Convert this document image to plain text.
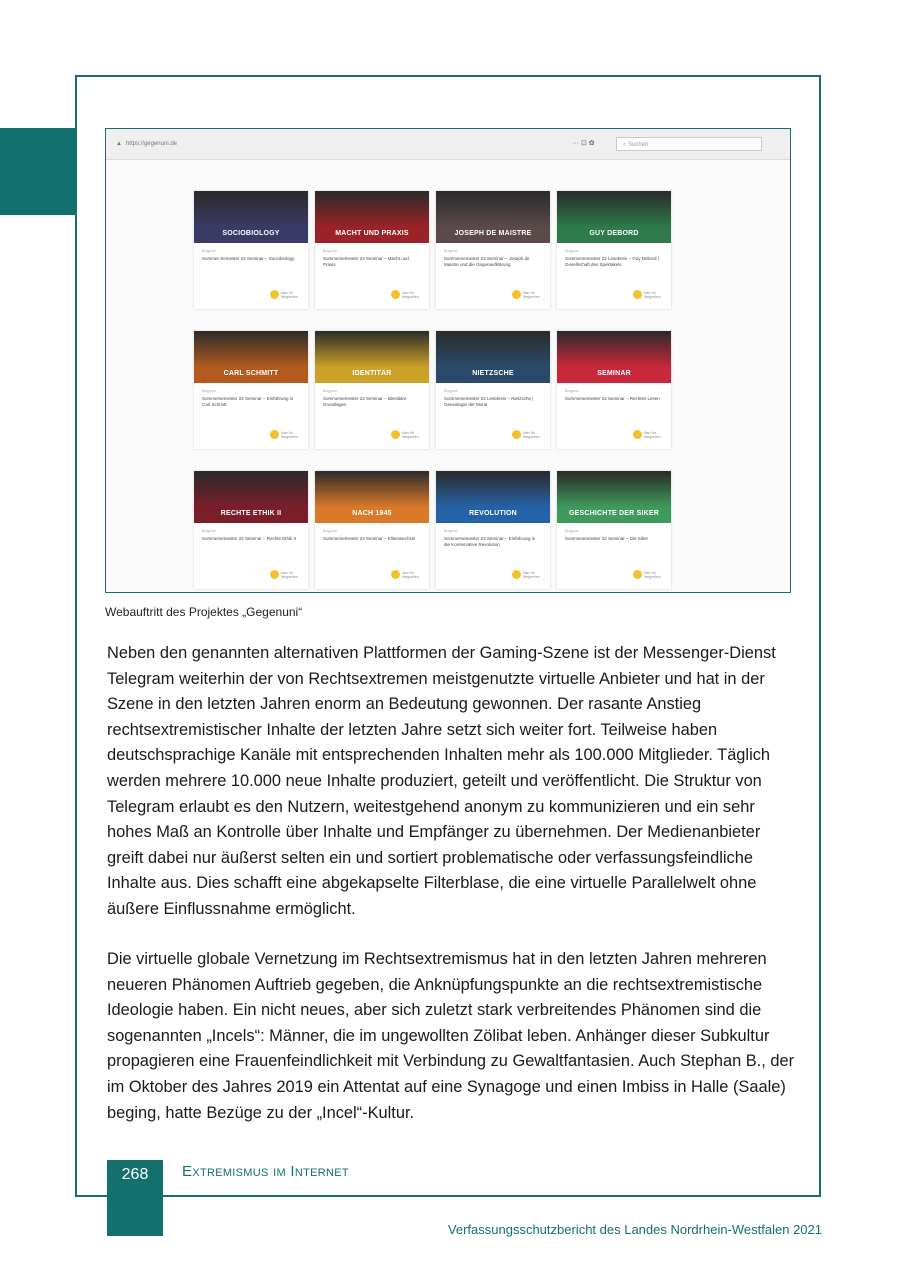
▲ https://gegenuni.de	··· ⊡ ✿	⌕ Suchen
SOCIOBIOLOGY
Blogpost
Summer Semester 22 Seminar – Sociobiology
Narr für Wegsehen
MACHT UND PRAXIS
Blogpost
Sommersemester 22 Seminar – Macht und Praxis
Narr für Wegsehen
JOSEPH DE MAISTRE
Blogpost
Sommersemester 22 Seminar – Joseph de Maistre und die Gegenaufklärung
Narr für Wegsehen
GUY DEBORD
Blogpost
Sommersemester 22 Lesekreis – Guy Debord | Gesellschaft des Spektakels
Narr für Wegsehen
CARL SCHMITT
Blogpost
Sommersemester 22 Seminar – Einführung in Carl Schmitt
Narr für Wegsehen
IDENTITÄR
Blogpost
Sommersemester 22 Seminar – Identitäre Grundlagen
Narr für Wegsehen
NIETZSCHE
Blogpost
Sommersemester 22 Lesekreis – Nietzsche | Genealogie der Moral
Narr für Wegsehen
SEMINAR
Blogpost
Sommersemester 22 Seminar – Rechtes Lesen
Narr für Wegsehen
RECHTE ETHIK II
Blogpost
Sommersemester 22 Seminar – Rechte Ethik II
Narr für Wegsehen
NACH 1945
Blogpost
Sommersemester 22 Seminar – Elitenwechsel
Narr für Wegsehen
REVOLUTION
Blogpost
Sommersemester 22 Seminar – Einführung in die Konservative Revolution
Narr für Wegsehen
GESCHICHTE DER SIKER
Blogpost
Sommersemester 22 Seminar – Die Siker
Narr für Wegsehen
Webauftritt des Projektes „Gegenuni“
Neben den genannten alternativen Plattformen der Gaming-Szene ist der Messenger-Dienst Telegram weiterhin der von Rechtsextremen meistgenutzte virtuelle Anbieter und hat in der Szene in den letzten Jahren enorm an Bedeutung gewonnen. Der rasante Anstieg rechtsextremistischer Inhalte der letzten Jahre setzt sich weiter fort. Teilweise haben deutschsprachige Kanäle mit entsprechenden Inhalten mehr als 100.000 Mitglieder. Täglich werden mehrere 10.000 neue Inhalte produziert, geteilt und veröffentlicht. Die Struktur von Telegram erlaubt es den Nutzern, weitestgehend anonym zu kommunizieren und ein sehr hohes Maß an Kontrolle über Inhalte und Empfänger zu übernehmen. Der Medienanbieter greift dabei nur äußerst selten ein und sortiert problematische oder verfassungsfeindliche Inhalte aus. Dies schafft eine abgekapselte Filterblase, die eine virtuelle Parallelwelt ohne äußere Einflussnahme ermöglicht.
Die virtuelle globale Vernetzung im Rechtsextremismus hat in den letzten Jahren mehreren neueren Phänomen Auftrieb gegeben, die Anknüpfungspunkte an die rechtsextremistische Ideologie haben. Ein nicht neues, aber sich zuletzt stark verbreitendes Phänomen sind die sogenannten „Incels“: Männer, die im ungewollten Zölibat leben. Anhänger dieser Subkultur propagieren eine Frauenfeindlichkeit mit Verbindung zu Gewaltfantasien. Auch Stephan B., der im Oktober des Jahres 2019 ein Attentat auf eine Synagoge und einen Imbiss in Halle (Saale) beging, hatte Bezüge zu der „Incel“-Kultur.
268	Extremismus im Internet
Verfassungsschutzbericht des Landes Nordrhein-Westfalen 2021
